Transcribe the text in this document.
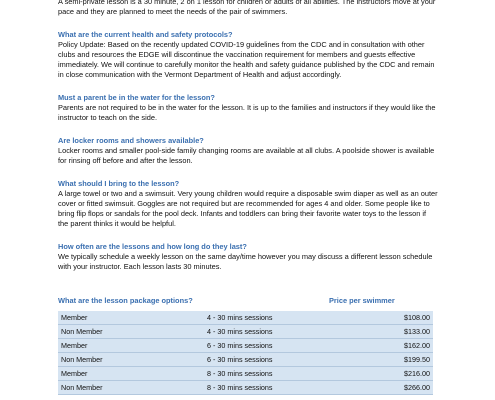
A semi-private lesson is a 30 minute, 2 on 1 lesson for children or adults of all abilities. The instructors move at your pace and they are planned to meet the needs of the pair of swimmers.

What are the current health and safety protocols?

Policy Update: Based on the recently updated COVID-19 guidelines from the CDC and in consultation with other clubs and resources the EDGE will discontinue the vaccination requirement for members and guests effective immediately. We will continue to carefully monitor the health and safety guidance published by the CDC and remain in close communication with the Vermont Department of Health and adjust accordingly.

Must a parent be in the water for the lesson?

Parents are not required to be in the water for the lesson. It is up to the families and instructors if they would like the instructor to teach on the side.

Are locker rooms and showers available?

Locker rooms and smaller pool-side family changing rooms are available at all clubs. A poolside shower is available for rinsing off before and after the lesson.

What should I bring to the lesson?

A large towel or two and a swimsuit. Very young children would require a disposable swim diaper as well as an outer cover or fitted swimsuit. Goggles are not required but are recommended for ages 4 and older. Some people like to bring flip flops or sandals for the pool deck. Infants and toddlers can bring their favorite water toys to the lesson if the parent thinks it would be helpful.

How often are the lessons and how long do they last?

We typically schedule a weekly lesson on the same day/time however you may discuss a different lesson schedule with your instructor. Each lesson lasts 30 minutes.

What are the lesson package options?	Price per swimmer

Member	4 - 30 mins sessions	$108.00
Non Member	4 - 30 mins sessions	$133.00
Member	6 - 30 mins sessions	$162.00
Non Member	6 - 30 mins sessions	$199.50
Member	8 - 30 mins sessions	$216.00
Non Member	8 - 30 mins sessions	$266.00
